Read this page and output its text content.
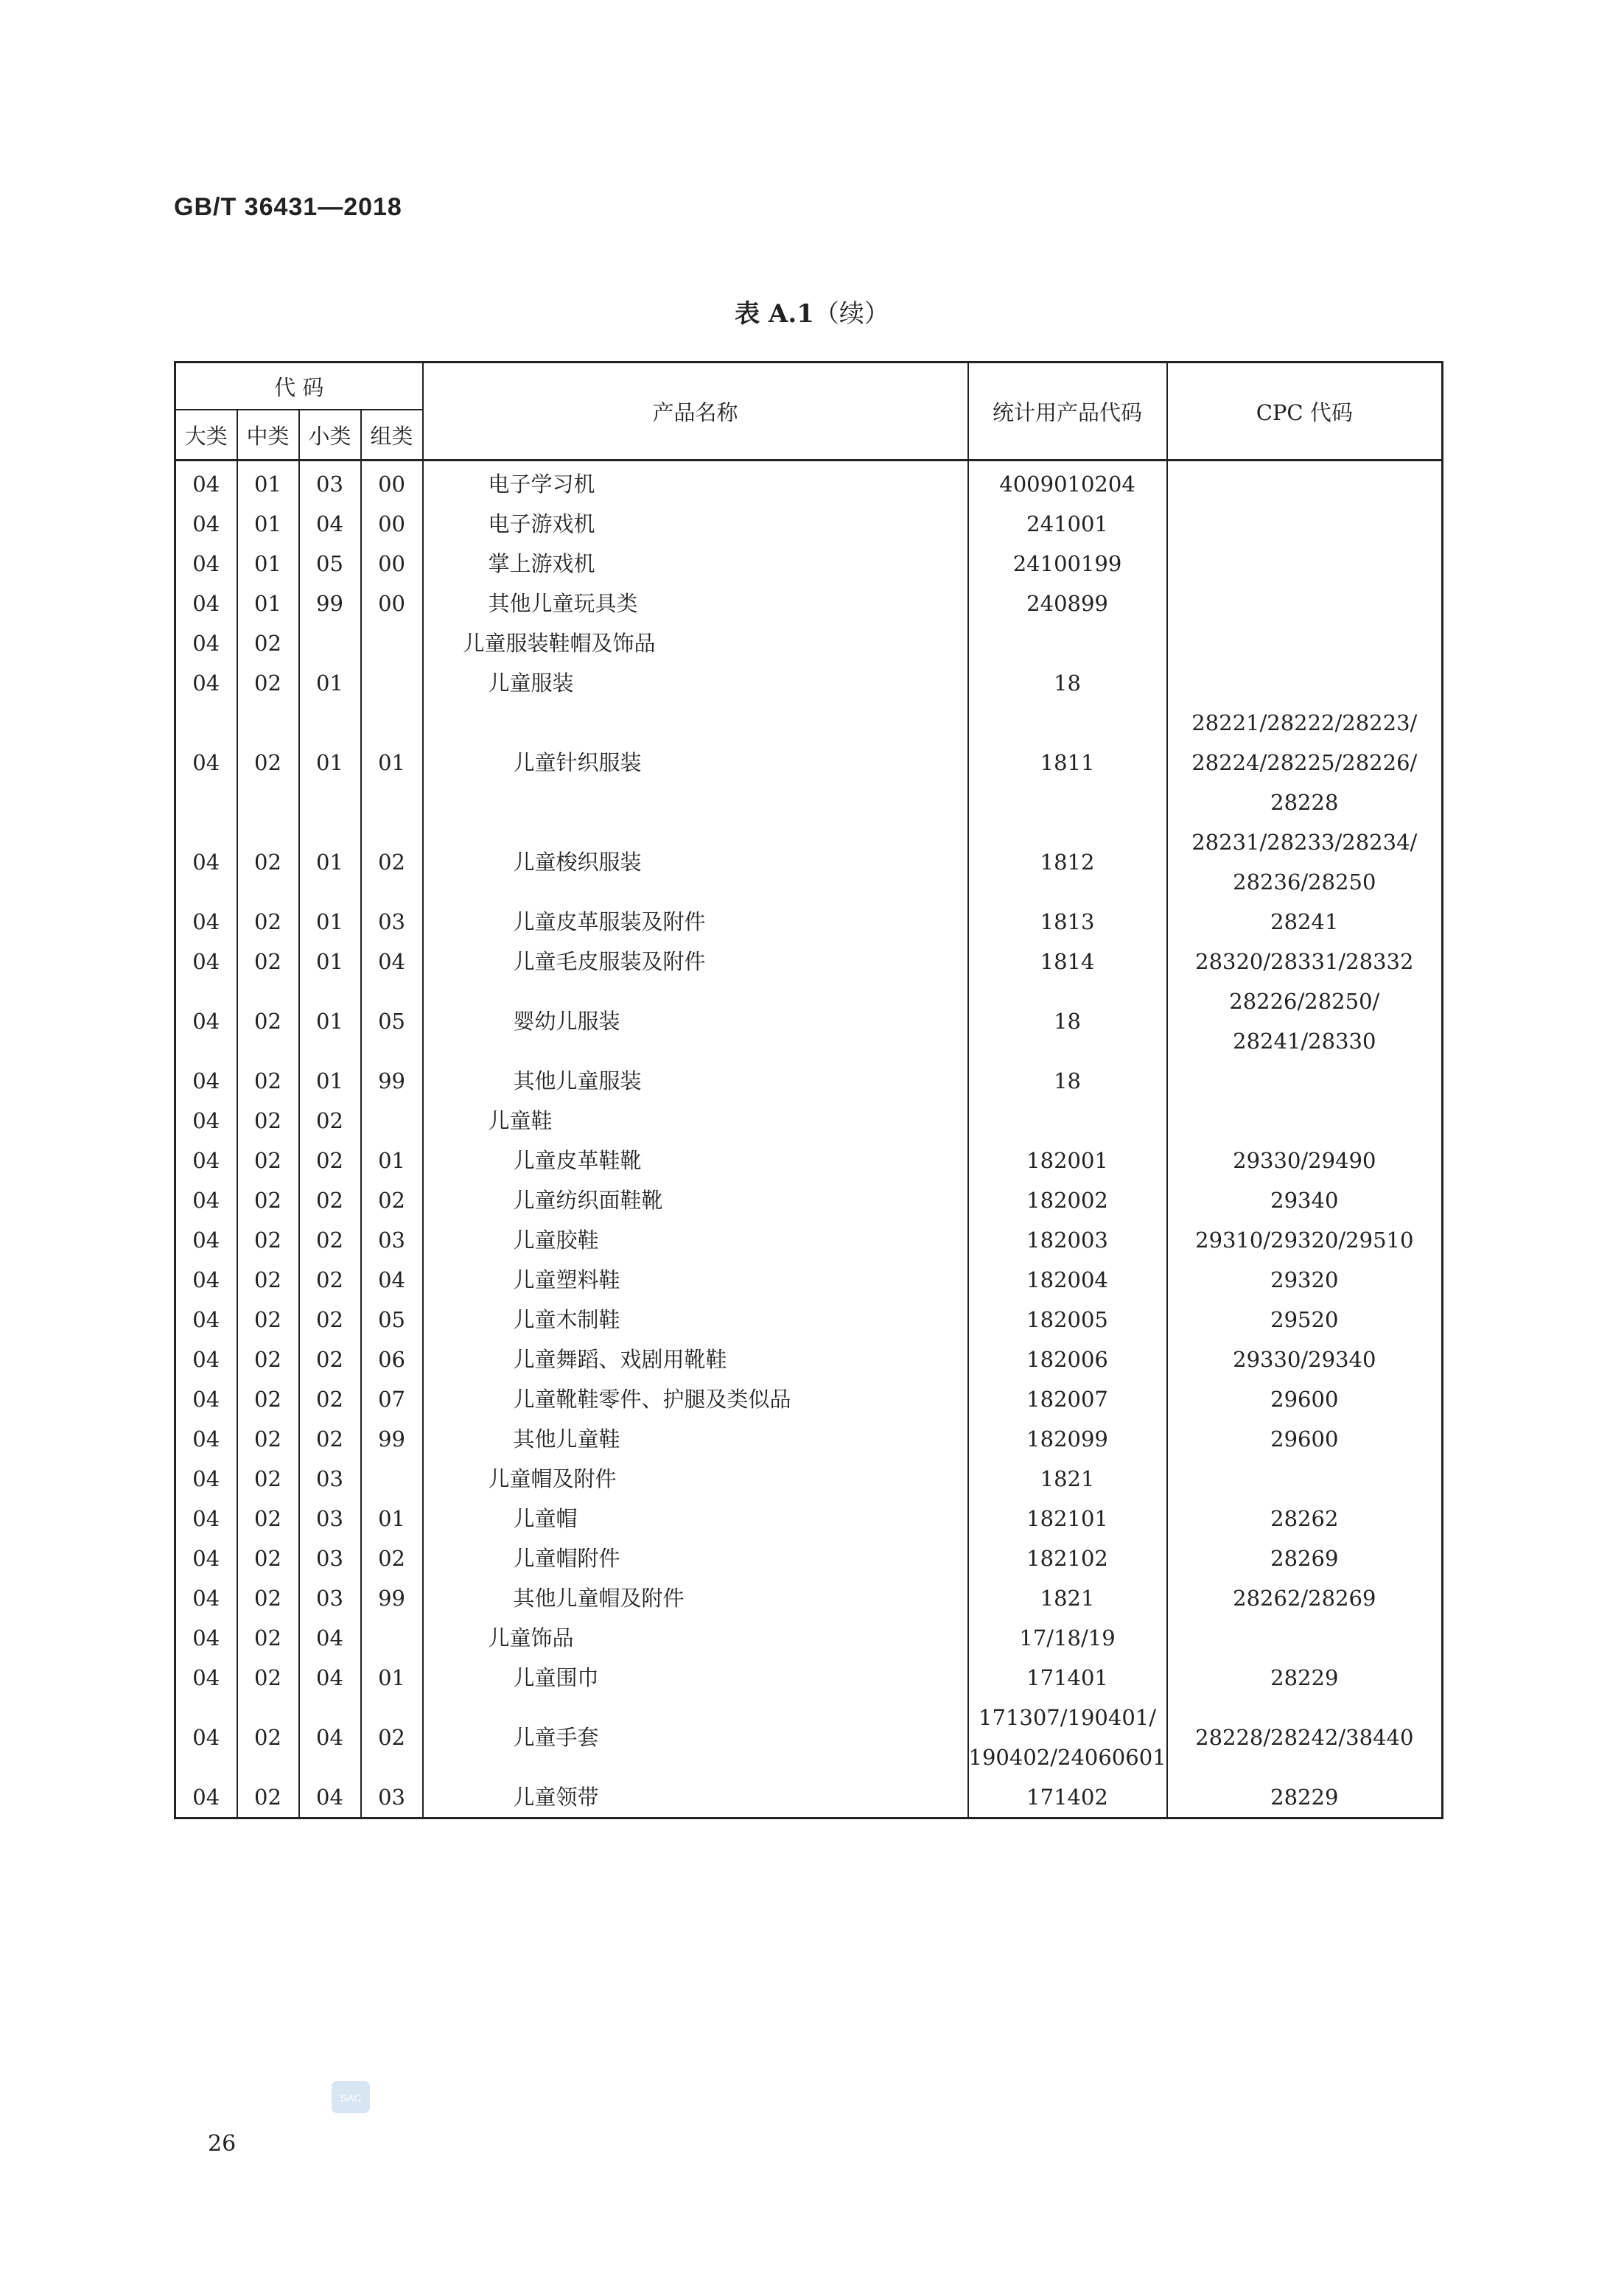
GB/T 36431—2018
表 A.1（续）
代 码				产品名称	统计用产品代码	CPC 代码
大类	中类	小类	组类			
04	01	03	00	电子学习机	4009010204	

04	01	04	00	电子游戏机	241001	

04	01	05	00	掌上游戏机	24100199	

04	01	99	00	其他儿童玩具类	240899	

04	02			儿童服装鞋帽及饰品		
04	02	01		儿童服装	18	

04	02	01	01	儿童针织服装	1811	28221/28222/28223/
28224/28225/28226/
28228

04	02	01	02	儿童梭织服装	1812	28231/28233/28234/
28236/28250

04	02	01	03	儿童皮革服装及附件	1813	28241

04	02	01	04	儿童毛皮服装及附件	1814	28320/28331/28332

04	02	01	05	婴幼儿服装	18	28226/28250/
28241/28330

04	02	01	99	其他儿童服装	18	

04	02	02		儿童鞋		
04	02	02	01	儿童皮革鞋靴	182001	29330/29490

04	02	02	02	儿童纺织面鞋靴	182002	29340

04	02	02	03	儿童胶鞋	182003	29310/29320/29510

04	02	02	04	儿童塑料鞋	182004	29320

04	02	02	05	儿童木制鞋	182005	29520

04	02	02	06	儿童舞蹈、戏剧用靴鞋	182006	29330/29340

04	02	02	07	儿童靴鞋零件、护腿及类似品	182007	29600

04	02	02	99	其他儿童鞋	182099	29600

04	02	03		儿童帽及附件	1821	

04	02	03	01	儿童帽	182101	28262

04	02	03	02	儿童帽附件	182102	28269

04	02	03	99	其他儿童帽及附件	1821	28262/28269

04	02	04		儿童饰品	17/18/19	

04	02	04	01	儿童围巾	171401	28229

04	02	04	02	儿童手套	171307/190401/
190402/24060601	28228/28242/38440

04	02	04	03	儿童领带	171402	28229
SAC
26
